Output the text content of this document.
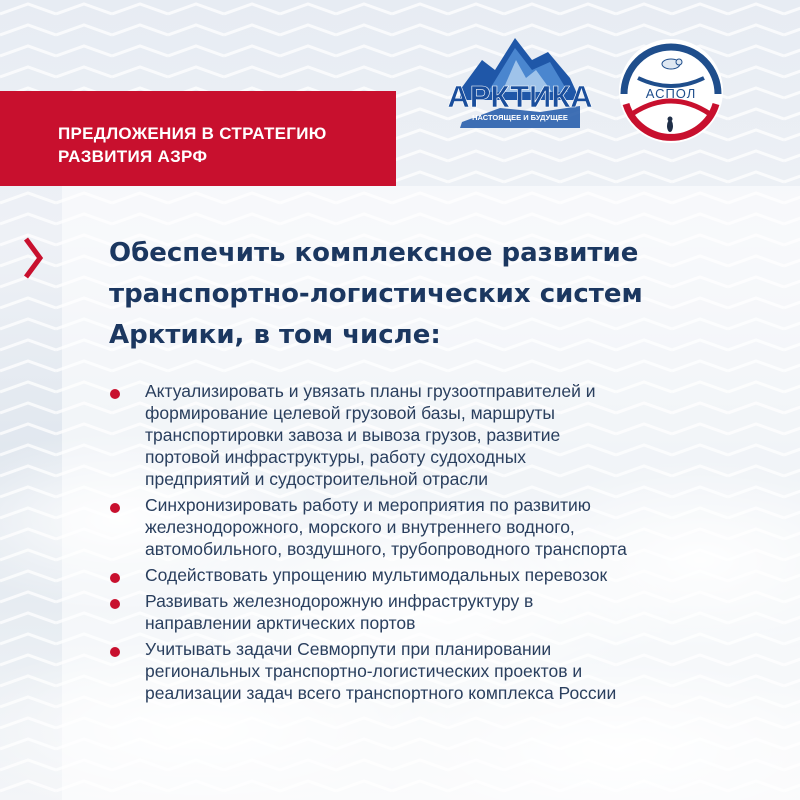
ПРЕДЛОЖЕНИЯ В СТРАТЕГИЮ
РАЗВИТИЯ АЗРФ
АРКТИКА
НАСТОЯЩЕЕ И БУДУЩЕЕ
АСПОЛ
Обеспечить комплексное развитие
транспортно-логистических систем
Арктики, в том числе:
Актуализировать и увязать планы грузоотправителей и
формирование целевой грузовой базы, маршруты
транспортировки завоза и вывоза грузов, развитие
портовой инфраструктуры, работу судоходных
предприятий и судостроительной отрасли
Синхронизировать работу и мероприятия по развитию
железнодорожного, морского и внутреннего водного,
автомобильного, воздушного, трубопроводного транспорта
Содействовать упрощению мультимодальных перевозок
Развивать железнодорожную инфраструктуру в
направлении арктических портов
Учитывать задачи Севморпути при планировании
региональных транспортно-логистических проектов и
реализации задач всего транспортного комплекса России
